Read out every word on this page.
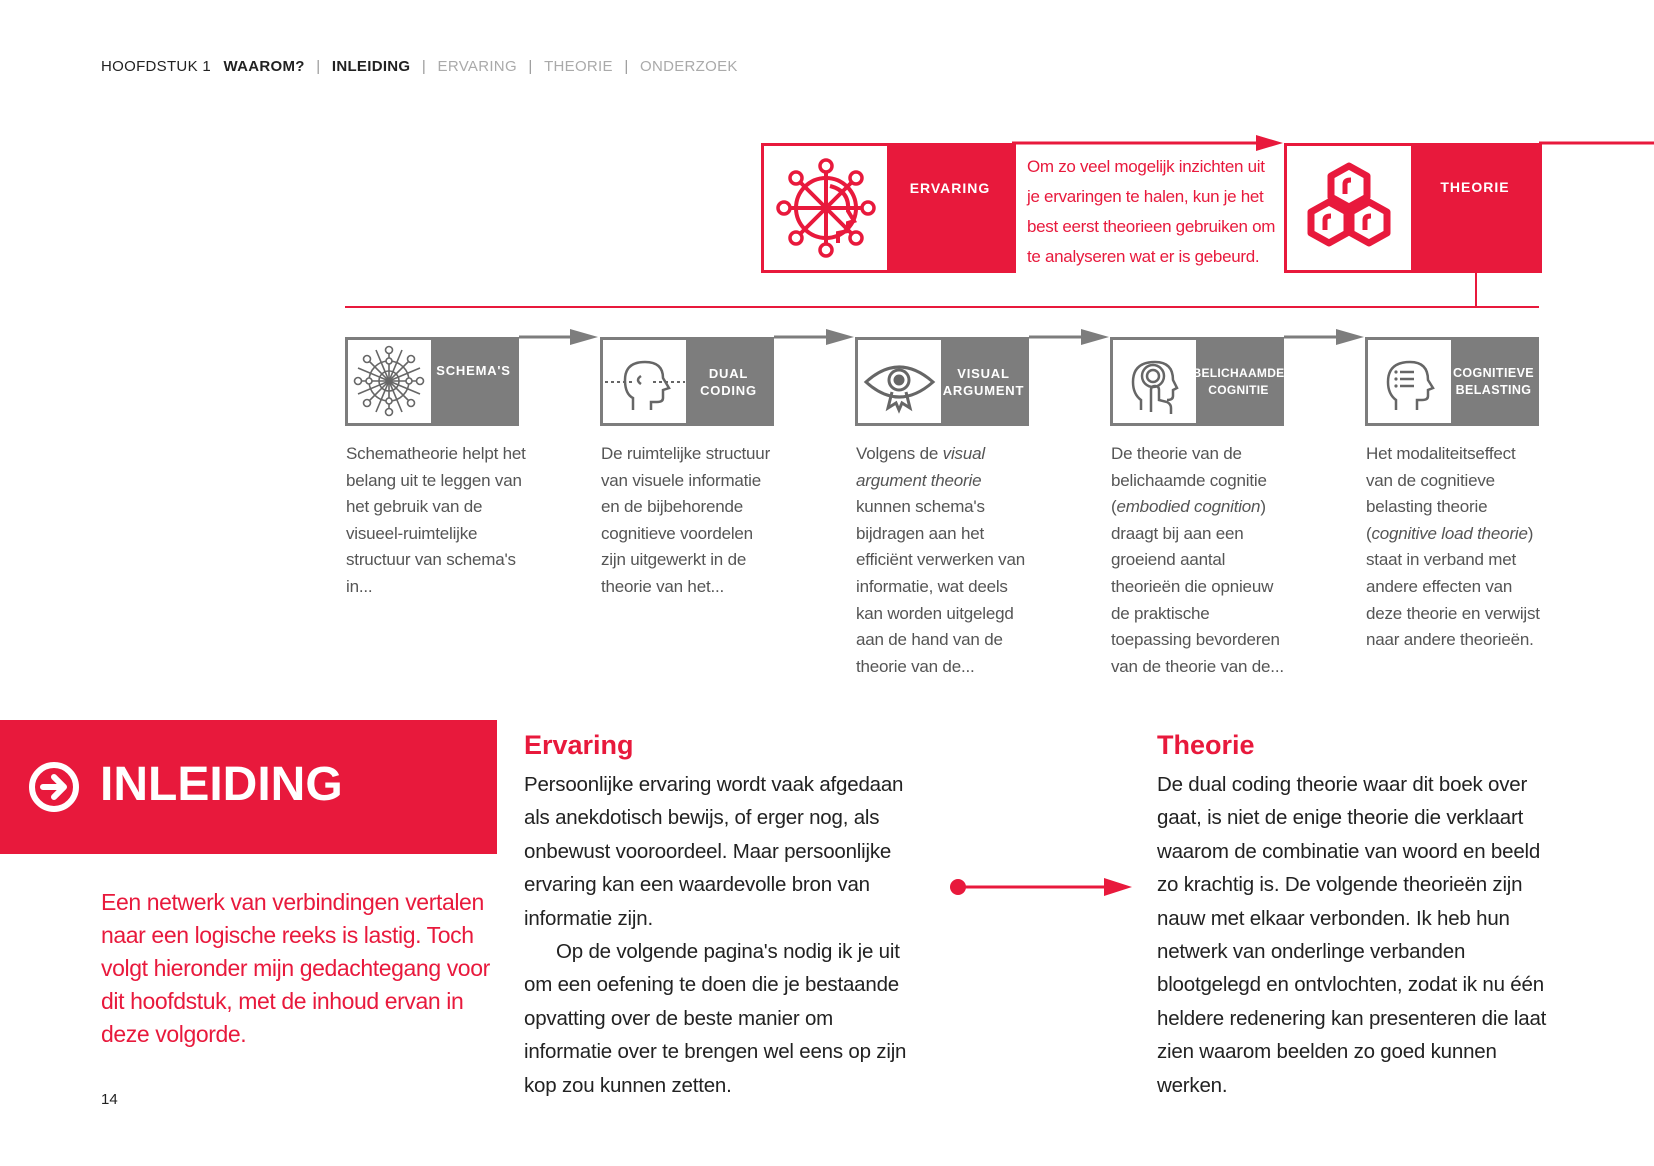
HOOFDSTUK 1 WAAROM? | INLEIDING | ERVARING | THEORIE | ONDERZOEK
ERVARING
Om zo veel mogelijk inzichten uit
je ervaringen te halen, kun je het
best eerst theorieen gebruiken om
te analyseren wat er is gebeurd.
THEORIE
SCHEMA'S	DUAL
CODING
VISUAL
ARGUMENT
BELICHAAMDE
COGNITIE
COGNITIEVE
BELASTING
Schematheorie helpt het belang uit te leggen van het gebruik van de visueel-ruimtelijke structuur van schema's in...
De ruimtelijke structuur van visuele informatie en de bijbehorende cognitieve voordelen zijn uitgewerkt in de theorie van het...
Volgens de visual argument theorie kunnen schema's bijdragen aan het efficiënt verwerken van informatie, wat deels kan worden uitgelegd aan de hand van de theorie van de...
De theorie van de belichaamde cognitie (embodied cognition) draagt bij aan een groeiend aantal theorieën die opnieuw de praktische toepassing bevorderen van de theorie van de...
Het modaliteitseffect van de cognitieve belasting theorie (cognitive load theorie) staat in verband met andere effecten van deze theorie en verwijst naar andere theorieën.
INLEIDING
Een netwerk van verbindingen vertalen naar een logische reeks is lastig. Toch volgt hieronder mijn gedachtegang voor dit hoofdstuk, met de inhoud ervan in deze volgorde.
Ervaring
Persoonlijke ervaring wordt vaak afgedaan als anekdotisch bewijs, of erger nog, als onbewust vooroordeel. Maar persoonlijke ervaring kan een waardevolle bron van informatie zijn.
Op de volgende pagina's nodig ik je uit om een oefening te doen die je bestaande opvatting over de beste manier om informatie over te brengen wel eens op zijn kop zou kunnen zetten.
Theorie
De dual coding theorie waar dit boek over gaat, is niet de enige theorie die verklaart waarom de combinatie van woord en beeld zo krachtig is. De volgende theorieën zijn nauw met elkaar verbonden. Ik heb hun netwerk van onderlinge verbanden blootgelegd en ontvlochten, zodat ik nu één heldere redenering kan presenteren die laat zien waarom beelden zo goed kunnen werken.
14
